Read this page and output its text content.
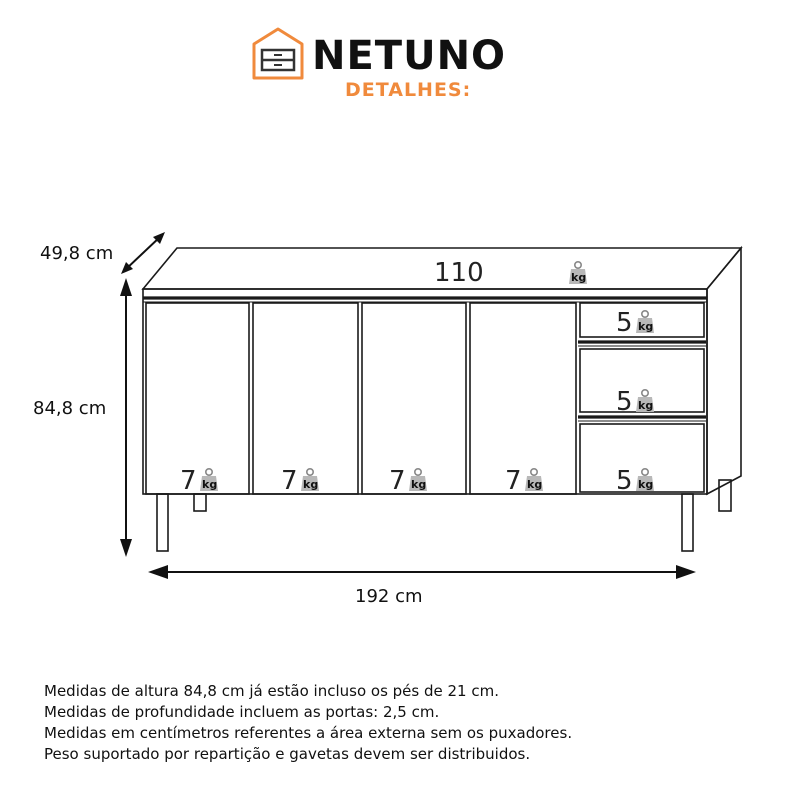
NETUNO
DETALHES:
49,8 cm
84,8 cm
192 cm
110	kg
5 kg
5 kg
5 kg
7 kg 7 kg	7 kg	7 kg
Medidas de altura 84,8 cm já estão incluso os pés de 21 cm.
Medidas de profundidade incluem as portas: 2,5 cm.
Medidas em centímetros referentes a área externa sem os puxadores.
Peso suportado por repartição e gavetas devem ser distribuidos.
